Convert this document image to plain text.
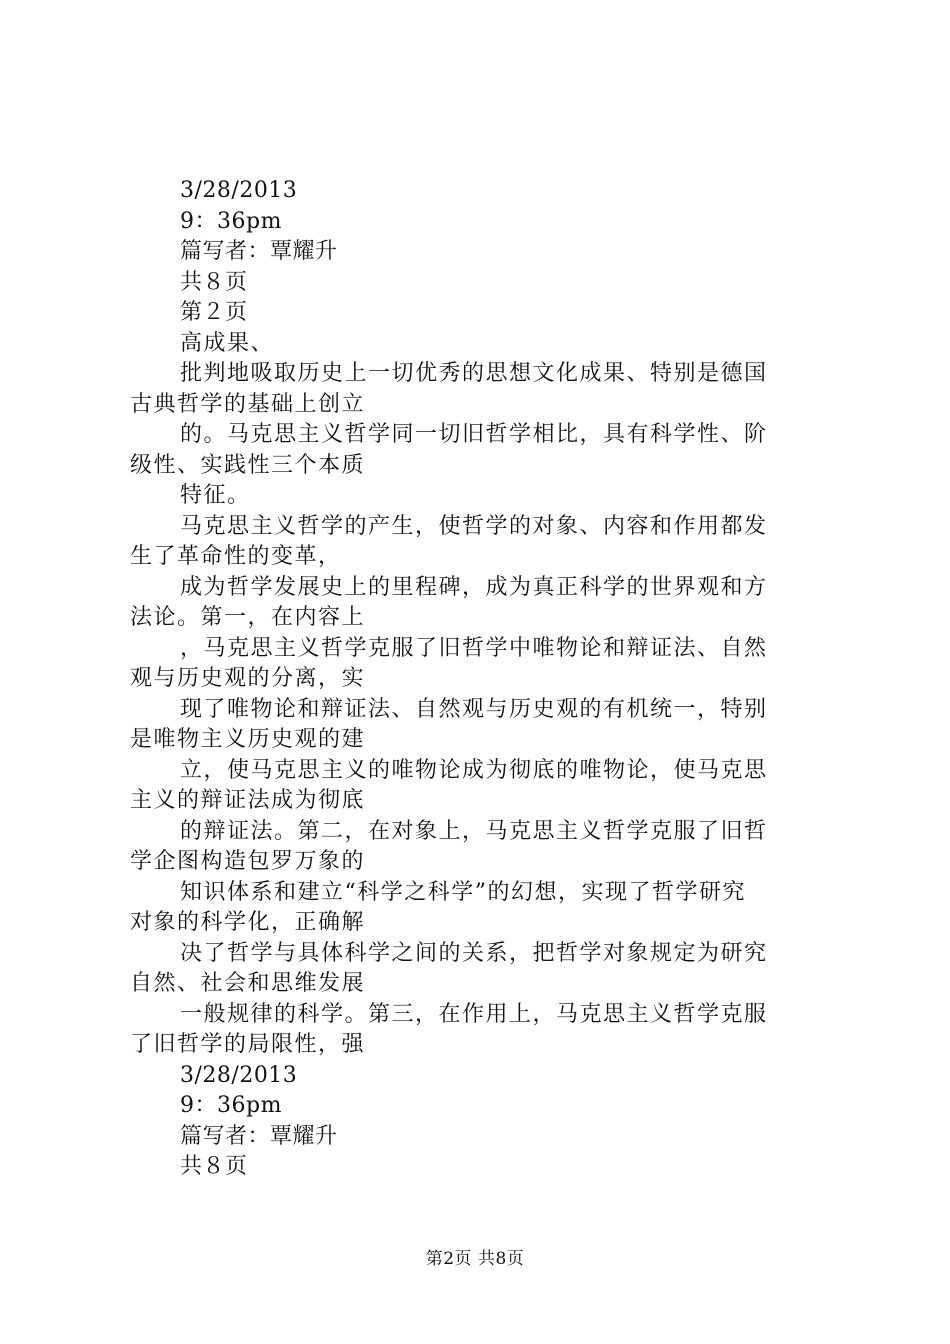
3/28/2013
9：36pm
篇写者：覃耀升
共８页
第２页
高成果、
批判地吸取历史上一切优秀的思想文化成果、特别是德国
古典哲学的基础上创立
的。马克思主义哲学同一切旧哲学相比，具有科学性、阶
级性、实践性三个本质
特征。
马克思主义哲学的产生，使哲学的对象、内容和作用都发
生了革命性的变革，
成为哲学发展史上的里程碑，成为真正科学的世界观和方
法论。第一，在内容上
，马克思主义哲学克服了旧哲学中唯物论和辩证法、自然
观与历史观的分离，实
现了唯物论和辩证法、自然观与历史观的有机统一，特别
是唯物主义历史观的建
立，使马克思主义的唯物论成为彻底的唯物论，使马克思
主义的辩证法成为彻底
的辩证法。第二，在对象上，马克思主义哲学克服了旧哲
学企图构造包罗万象的
知识体系和建立“科学之科学”的幻想，实现了哲学研究
对象的科学化，正确解
决了哲学与具体科学之间的关系，把哲学对象规定为研究
自然、社会和思维发展
一般规律的科学。第三，在作用上，马克思主义哲学克服
了旧哲学的局限性，强
3/28/2013
9：36pm
篇写者：覃耀升
共８页
第2页 共8页
